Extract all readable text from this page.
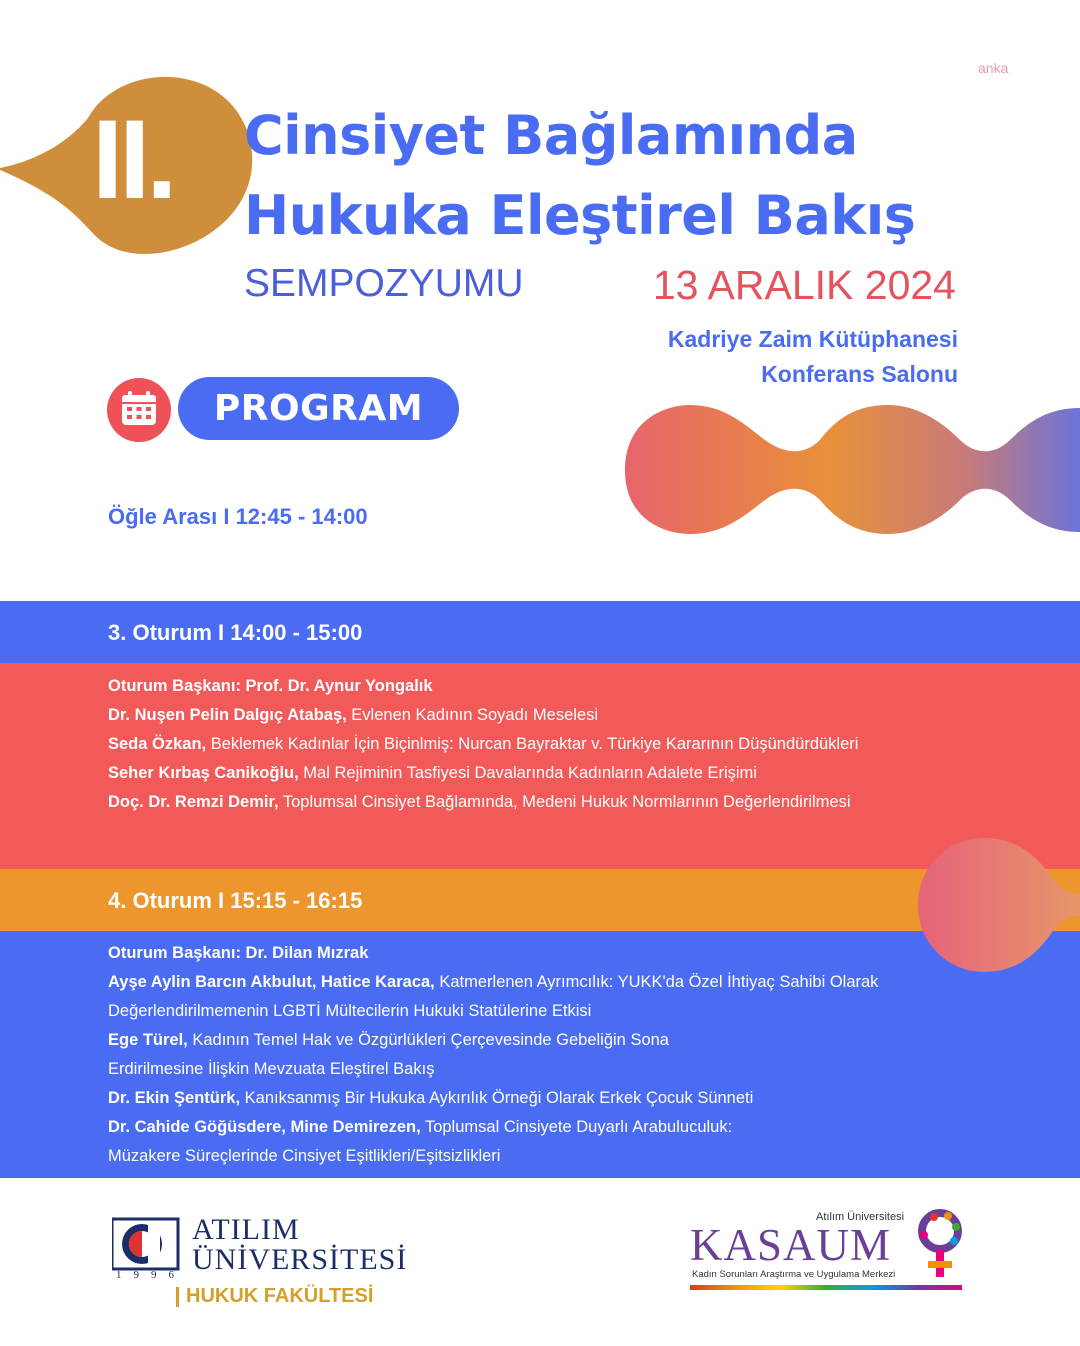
anka
II.	Cinsiyet Bağlamında
Hukuka Eleştirel Bakış
SEMPOZYUMU	13 ARALIK 2024
Kadriye Zaim Kütüphanesi
Konferans Salonu
PROGRAM
Öğle Arası I 12:45 - 14:00
3. Oturum I 14:00 - 15:00
Oturum Başkanı: Prof. Dr. Aynur Yongalık
Dr. Nuşen Pelin Dalgıç Atabaş, Evlenen Kadının Soyadı Meselesi
Seda Özkan, Beklemek Kadınlar İçin Biçinlmiş: Nurcan Bayraktar v. Türkiye Kararının Düşündürdükleri
Seher Kırbaş Canikoğlu, Mal Rejiminin Tasfiyesi Davalarında Kadınların Adalete Erişimi
Doç. Dr. Remzi Demir, Toplumsal Cinsiyet Bağlamında, Medeni Hukuk Normlarının Değerlendirilmesi
4. Oturum I 15:15 - 16:15
Oturum Başkanı: Dr. Dilan Mızrak
Ayşe Aylin Barcın Akbulut, Hatice Karaca, Katmerlenen Ayrımcılık: YUKK'da Özel İhtiyaç Sahibi Olarak
Değerlendirilmemenin LGBTİ Mültecilerin Hukuki Statülerine Etkisi
Ege Türel, Kadının Temel Hak ve Özgürlükleri Çerçevesinde Gebeliğin Sona
Erdirilmesine İlişkin Mevzuata Eleştirel Bakış
Dr. Ekin Şentürk, Kanıksanmış Bir Hukuka Aykırılık Örneği Olarak Erkek Çocuk Sünneti
Dr. Cahide Göğüsdere, Mine Demirezen, Toplumsal Cinsiyete Duyarlı Arabuluculuk:
Müzakere Süreçlerinde Cinsiyet Eşitlikleri/Eşitsizlikleri
ATILIM
ÜNİVERSİTESİ
1996
HUKUK FAKÜLTESİ
Atılım Üniversitesi
KASAUM
Kadın Sorunları Araştırma ve Uygulama Merkezi
